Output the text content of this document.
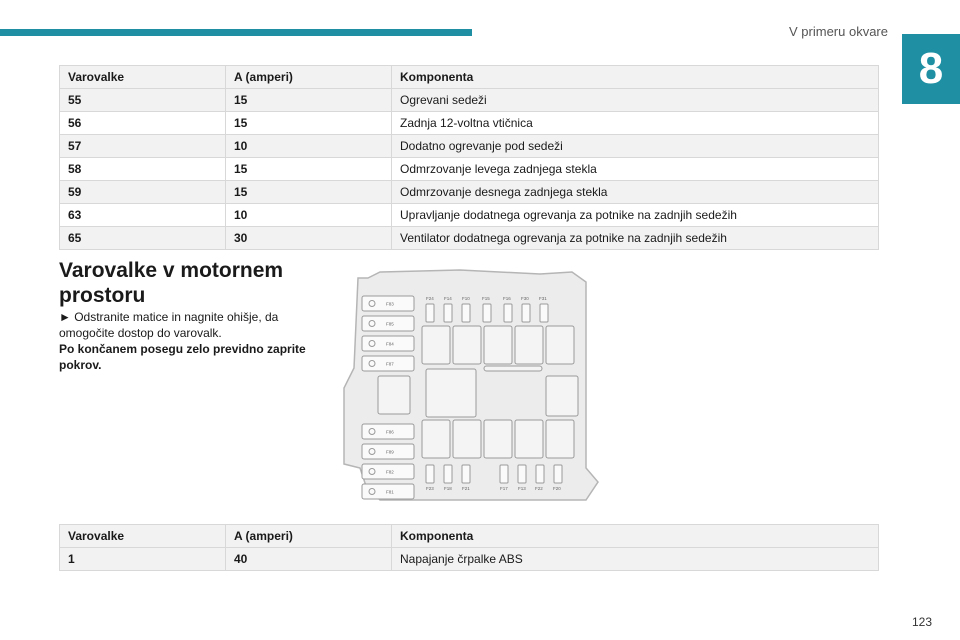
V primeru okvare
8
Varovalke	A (amperi)	Komponenta
55	15	Ogrevani sedeži
56	15	Zadnja 12-voltna vtičnica
57	10	Dodatno ogrevanje pod sedeži
58	15	Odmrzovanje levega zadnjega stekla
59	15	Odmrzovanje desnega zadnjega stekla
63	10	Upravljanje dodatnega ogrevanja za potnike na zadnjih sedežih
65	30	Ventilator dodatnega ogrevanja za potnike na zadnjih sedežih
Varovalke v motornem prostoru
► Odstranite matice in nagnite ohišje, da omogočite dostop do varovalk.
Po končanem posegu zelo previdno zaprite pokrov.
F83
F85
F84
F87
F86
F89
F82
F81
F24 F14 F10	F15	F16 F30 F31
F23 F18 F21	F17 F13 F22 F20
Varovalke	A (amperi)	Komponenta
1	40	Napajanje črpalke ABS
123
